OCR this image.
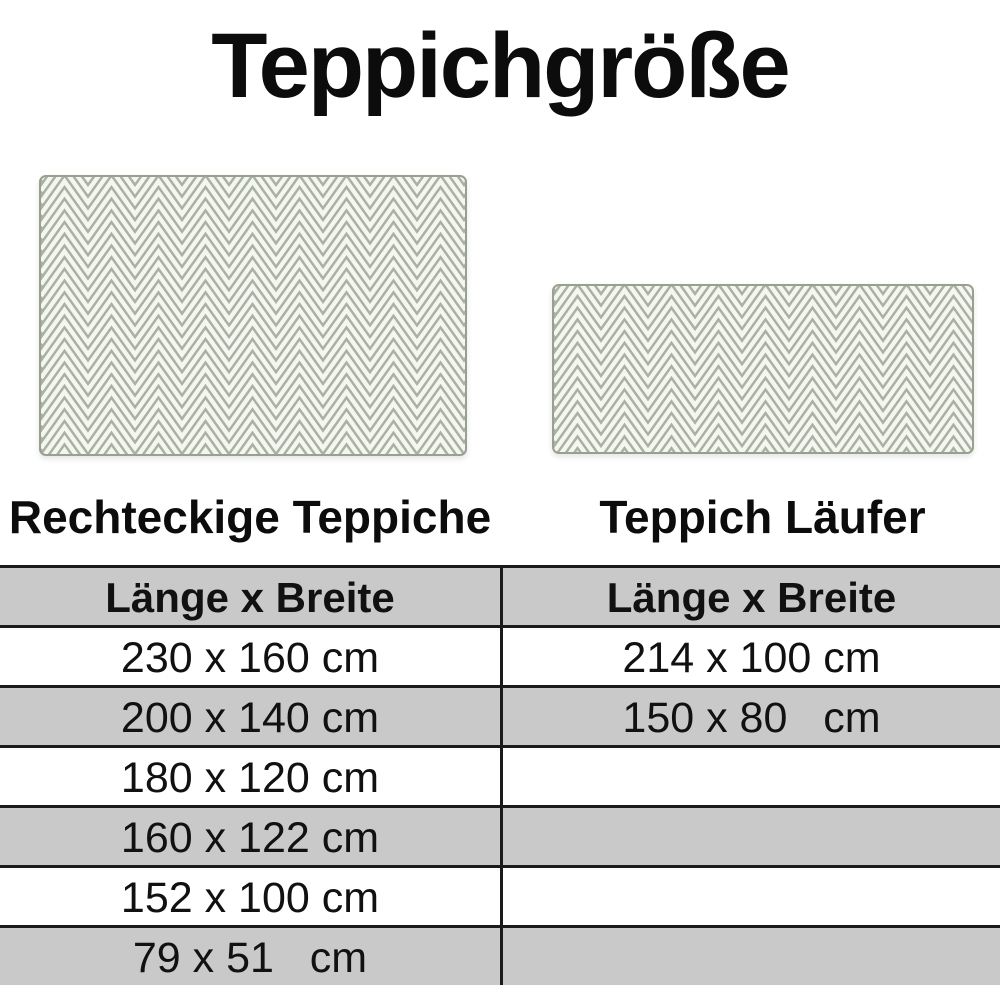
Teppichgröße
Rechteckige Teppiche	Teppich Läufer
Länge x Breite	Länge x Breite
230 x 160 cm	214 x 100 cm
200 x 140 cm	150 x 80   cm
180 x 120 cm
160 x 122 cm
152 x 100 cm
79 x 51   cm
